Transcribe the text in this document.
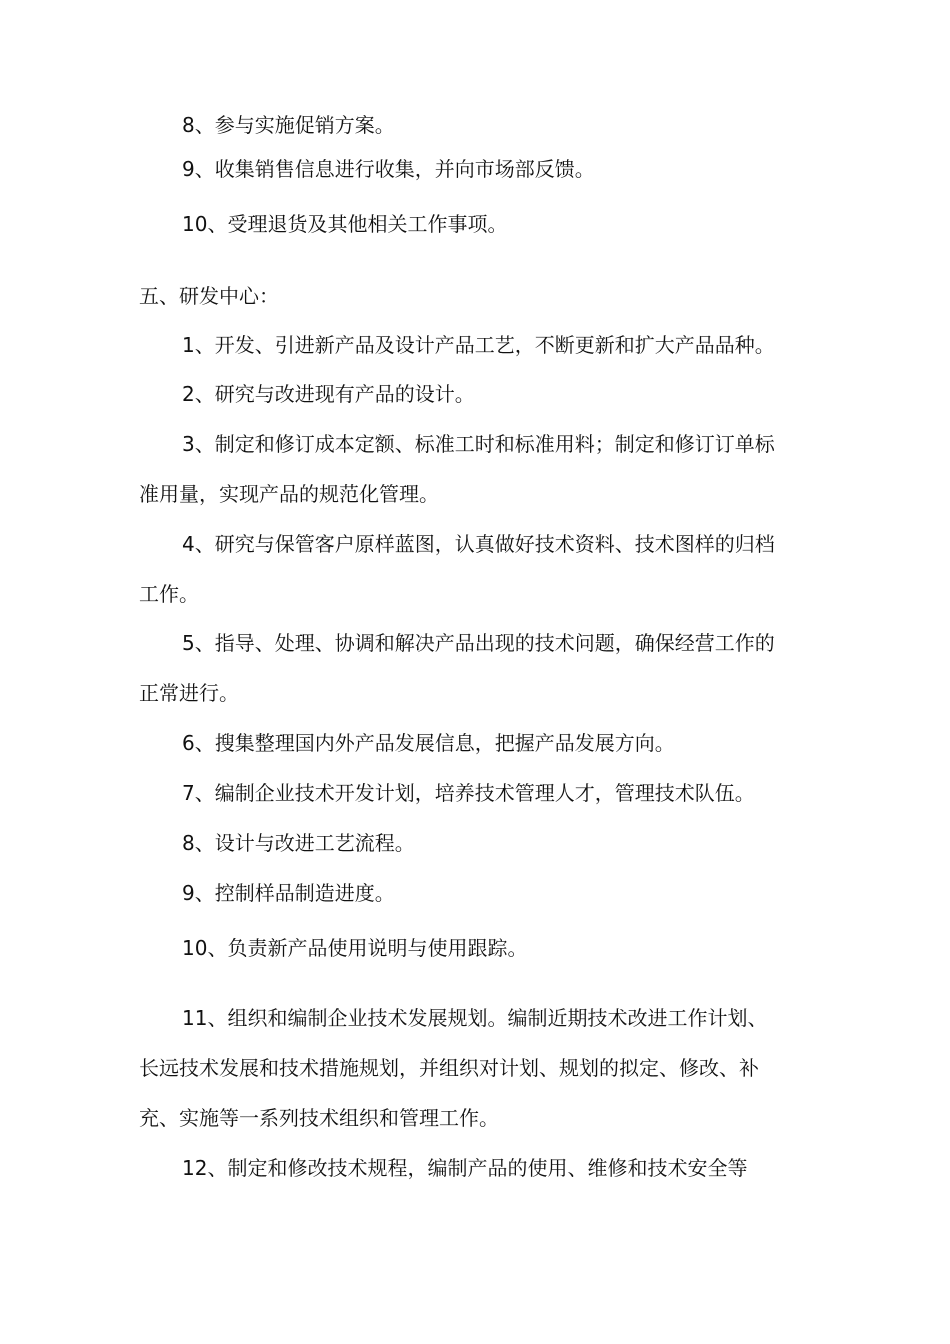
8、参与实施促销方案。
9、收集销售信息进行收集，并向市场部反馈。
10、受理退货及其他相关工作事项。
五、研发中心：
1、开发、引进新产品及设计产品工艺，不断更新和扩大产品品种。
2、研究与改进现有产品的设计。
3、制定和修订成本定额、标准工时和标准用料；制定和修订订单标
准用量，实现产品的规范化管理。
4、研究与保管客户原样蓝图，认真做好技术资料、技术图样的归档
工作。
5、指导、处理、协调和解决产品出现的技术问题，确保经营工作的
正常进行。
6、搜集整理国内外产品发展信息，把握产品发展方向。
7、编制企业技术开发计划，培养技术管理人才，管理技术队伍。
8、设计与改进工艺流程。
9、控制样品制造进度。
10、负责新产品使用说明与使用跟踪。
11、组织和编制企业技术发展规划。编制近期技术改进工作计划、
长远技术发展和技术措施规划，并组织对计划、规划的拟定、修改、补
充、实施等一系列技术组织和管理工作。
12、制定和修改技术规程，编制产品的使用、维修和技术安全等
